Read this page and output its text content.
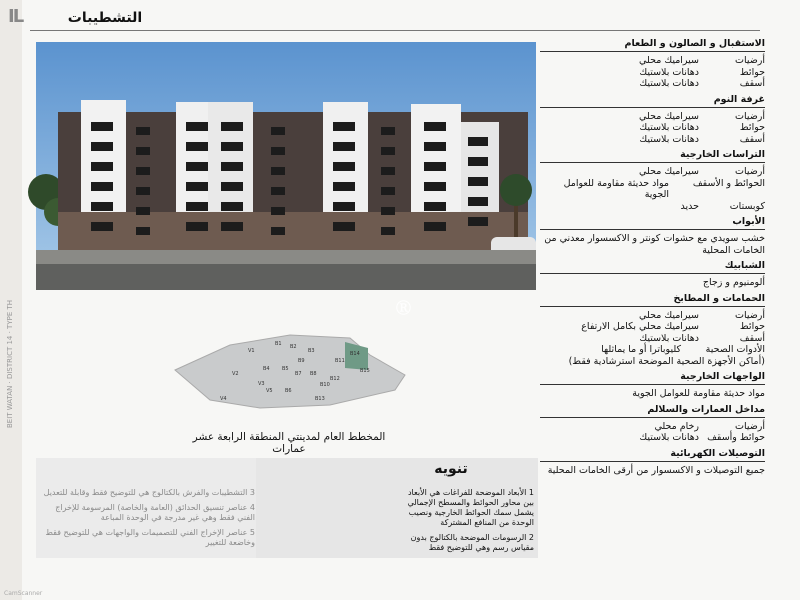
IL
BEIT WATAN · DISTRICT 14 · TYPE TH
التشطيبات
Ⓡ
V1
B1 B2
B3	B14
B15
V2
B4 B5
B7 B8
B10
B11
B12
B13
V3
V4
B6
B9
V5
المخطط العام لمدينتي المنطقة الرابعة عشر عمارات
تنويه
1 الأبعاد الموضحة للفراغات هي الأبعاد بين محاور الحوائط والمسطح الإجمالي يشمل سمك الحوائط الخارجية ونصيب الوحدة من المنافع المشتركة
2 الرسومات الموضحة بالكتالوج بدون مقياس رسم وهي للتوضيح فقط
3 التشطيبات والفرش بالكتالوج هي للتوضيح فقط وقابلة للتعديل
4 عناصر تنسيق الحدائق (العامة والخاصة) المرسومة للإخراج الفني فقط وهي غير مدرجة في الوحدة المباعة
5 عناصر الإخراج الفني للتصميمات والواجهات هي للتوضيح فقط وخاضعة للتغيير
الاستقبال و الصالون و الطعام
أرضيات
سيراميك محلي
حوائط
دهانات بلاستيك
أسقف
دهانات بلاستيك
غرفة النوم
أرضيات
سيراميك محلي
حوائط
دهانات بلاستيك
أسقف
دهانات بلاستيك
التراسات الخارجية
أرضيات
سيراميك محلي
الحوائط و الأسقف
مواد حديثة مقاومة للعوامل الجوية
كوبستات
حديد
الأبواب
خشب سويدي مع حشوات كونتر و الاكسسوار معدني من الخامات المحلية
الشبابيك
ألومنيوم و زجاج
الحمامات و المطابخ
أرضيات
سيراميك محلي
حوائط
سيراميك محلي بكامل الارتفاع
أسقف
دهانات بلاستيك
الأدوات الصحية
كليوباترا أو ما يماثلها
(أماكن الأجهزة الصحية الموضحة استرشادية فقط)
الواجهات الخارجية
مواد حديثة مقاومة للعوامل الجوية
مداخل العمارات والسلالم
أرضيات
رخام محلي
حوائط وأسقف
دهانات بلاستيك
التوصيلات الكهربائية
جميع التوصيلات و الاكسسوار من أرقى الخامات المحلية
CamScanner
